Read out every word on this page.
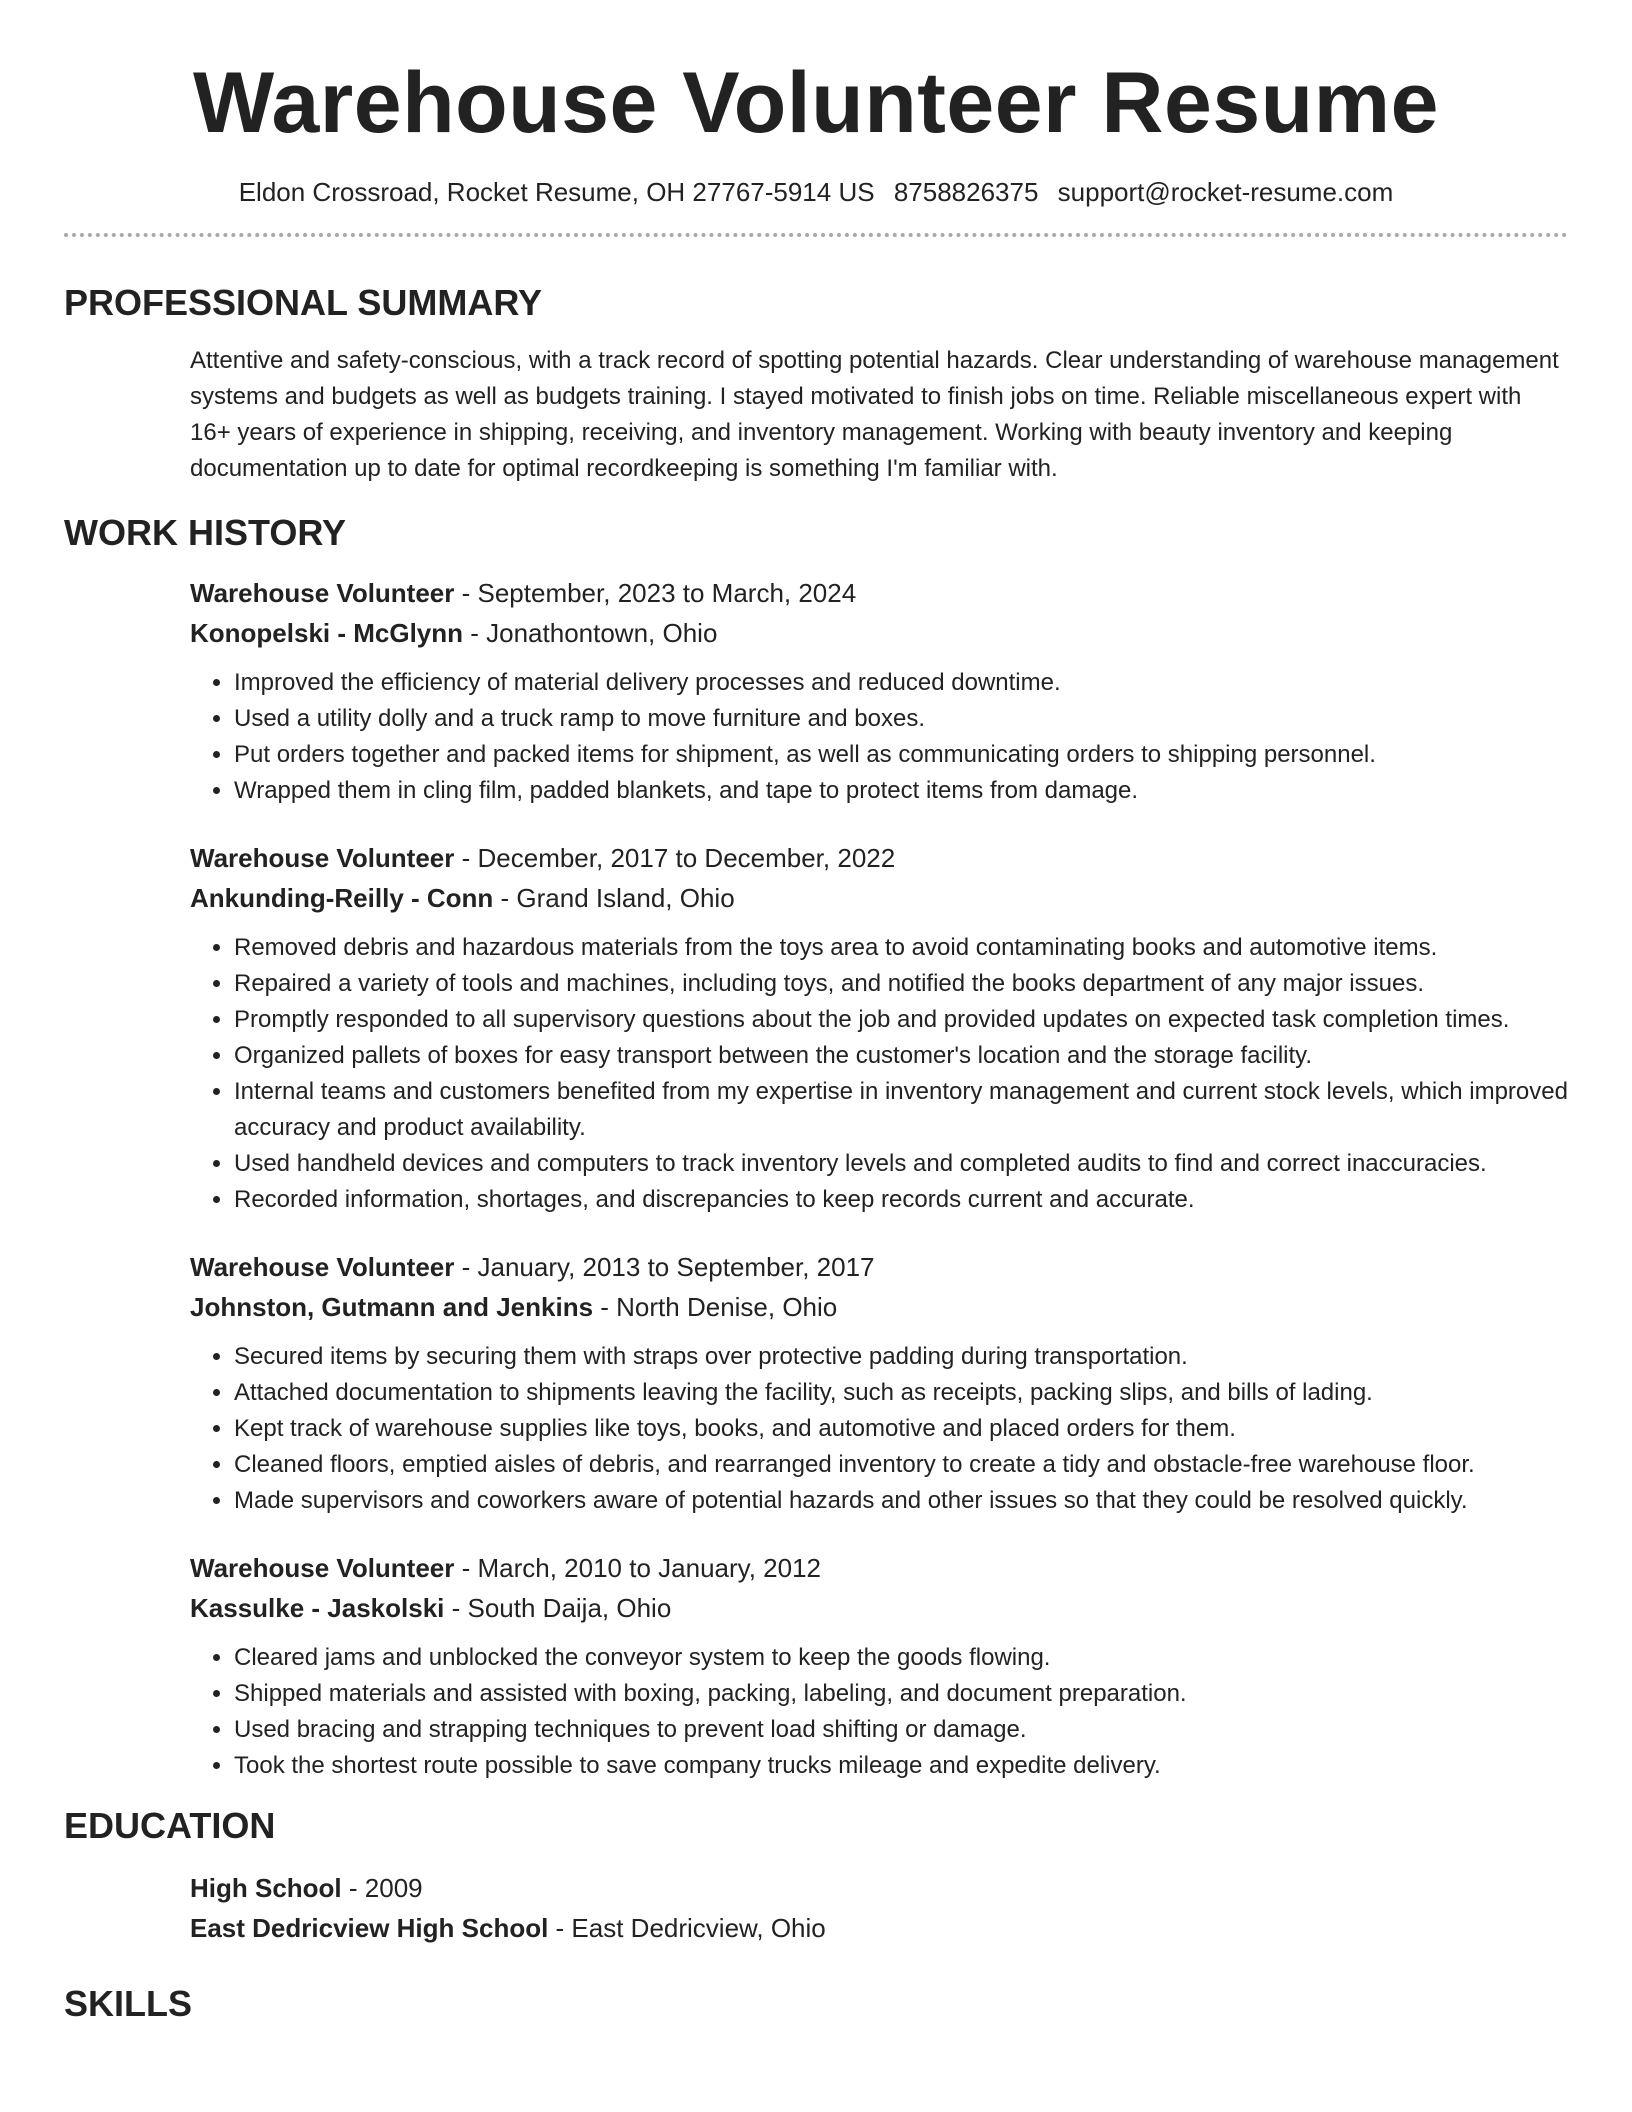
Warehouse Volunteer Resume
Eldon Crossroad, Rocket Resume, OH 27767-5914 US 8758826375 support@rocket-resume.com
PROFESSIONAL SUMMARY

Attentive and safety-conscious, with a track record of spotting potential hazards. Clear understanding of warehouse management systems and budgets as well as budgets training. I stayed motivated to finish jobs on time. Reliable miscellaneous expert with 16+ years of experience in shipping, receiving, and inventory management. Working with beauty inventory and keeping documentation up to date for optimal recordkeeping is something I'm familiar with.

WORK HISTORY
Warehouse Volunteer - September, 2023 to March, 2024
Konopelski - McGlynn - Jonathontown, Ohio
• Improved the efficiency of material delivery processes and reduced downtime.
• Used a utility dolly and a truck ramp to move furniture and boxes.
• Put orders together and packed items for shipment, as well as communicating orders to shipping personnel.
• Wrapped them in cling film, padded blankets, and tape to protect items from damage.
Warehouse Volunteer - December, 2017 to December, 2022
Ankunding-Reilly - Conn - Grand Island, Ohio
• Removed debris and hazardous materials from the toys area to avoid contaminating books and automotive items.
• Repaired a variety of tools and machines, including toys, and notified the books department of any major issues.
• Promptly responded to all supervisory questions about the job and provided updates on expected task completion times.
• Organized pallets of boxes for easy transport between the customer's location and the storage facility.
• Internal teams and customers benefited from my expertise in inventory management and current stock levels, which improved accuracy and product availability.
• Used handheld devices and computers to track inventory levels and completed audits to find and correct inaccuracies.
• Recorded information, shortages, and discrepancies to keep records current and accurate.
Warehouse Volunteer - January, 2013 to September, 2017
Johnston, Gutmann and Jenkins - North Denise, Ohio
• Secured items by securing them with straps over protective padding during transportation.
• Attached documentation to shipments leaving the facility, such as receipts, packing slips, and bills of lading.
• Kept track of warehouse supplies like toys, books, and automotive and placed orders for them.
• Cleaned floors, emptied aisles of debris, and rearranged inventory to create a tidy and obstacle-free warehouse floor.
• Made supervisors and coworkers aware of potential hazards and other issues so that they could be resolved quickly.
Warehouse Volunteer - March, 2010 to January, 2012
Kassulke - Jaskolski - South Daija, Ohio
• Cleared jams and unblocked the conveyor system to keep the goods flowing.
• Shipped materials and assisted with boxing, packing, labeling, and document preparation.
• Used bracing and strapping techniques to prevent load shifting or damage.
• Took the shortest route possible to save company trucks mileage and expedite delivery.
EDUCATION
High School - 2009
East Dedricview High School - East Dedricview, Ohio
SKILLS
